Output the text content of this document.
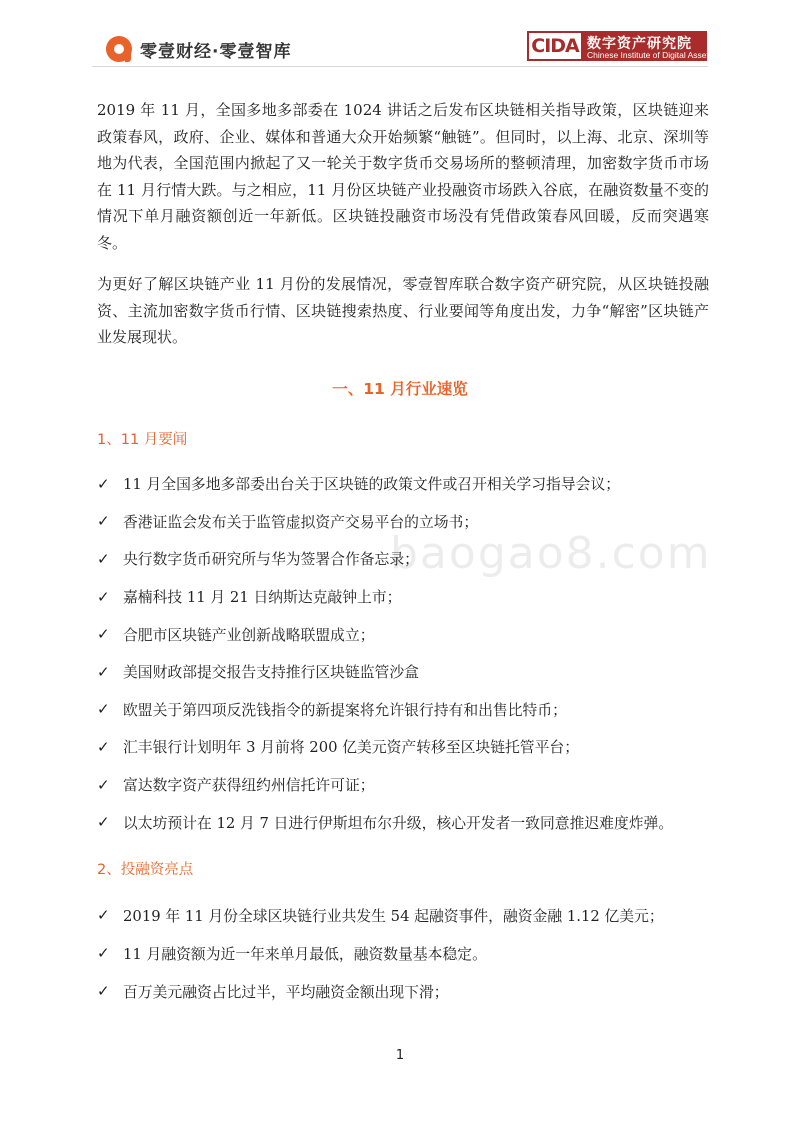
零壹财经·零壹智库	CIDA 数字资产研究院
Chinese Institute of Digital Assets

2019 年 11 月，全国多地多部委在 1024 讲话之后发布区块链相关指导政策，区块链迎来政策春风，政府、企业、媒体和普通大众开始频繁“触链”。但同时，以上海、北京、深圳等地为代表，全国范围内掀起了又一轮关于数字货币交易场所的整顿清理，加密数字货币市场在 11 月行情大跌。与之相应，11 月份区块链产业投融资市场跌入谷底，在融资数量不变的情况下单月融资额创近一年新低。区块链投融资市场没有凭借政策春风回暖，反而突遇寒冬。

为更好了解区块链产业 11 月份的发展情况，零壹智库联合数字资产研究院，从区块链投融资、主流加密数字货币行情、区块链搜索热度、行业要闻等角度出发，力争“解密”区块链产业发展现状。

一、11 月行业速览
1、11 月要闻
✓ 11 月全国多地多部委出台关于区块链的政策文件或召开相关学习指导会议；
✓ 香港证监会发布关于监管虚拟资产交易平台的立场书；
✓ 央行数字货币研究所与华为签署合作备忘录；
✓ 嘉楠科技 11 月 21 日纳斯达克敲钟上市；
✓ 合肥市区块链产业创新战略联盟成立；
✓ 美国财政部提交报告支持推行区块链监管沙盒
✓ 欧盟关于第四项反洗钱指令的新提案将允许银行持有和出售比特币；
✓ 汇丰银行计划明年 3 月前将 200 亿美元资产转移至区块链托管平台；
✓ 富达数字资产获得纽约州信托许可证；
✓ 以太坊预计在 12 月 7 日进行伊斯坦布尔升级，核心开发者一致同意推迟难度炸弹。
2、投融资亮点
✓ 2019 年 11 月份全球区块链行业共发生 54 起融资事件，融资金融 1.12 亿美元；
✓ 11 月融资额为近一年来单月最低，融资数量基本稳定。
✓ 百万美元融资占比过半，平均融资金额出现下滑；
baogao8.com
1
